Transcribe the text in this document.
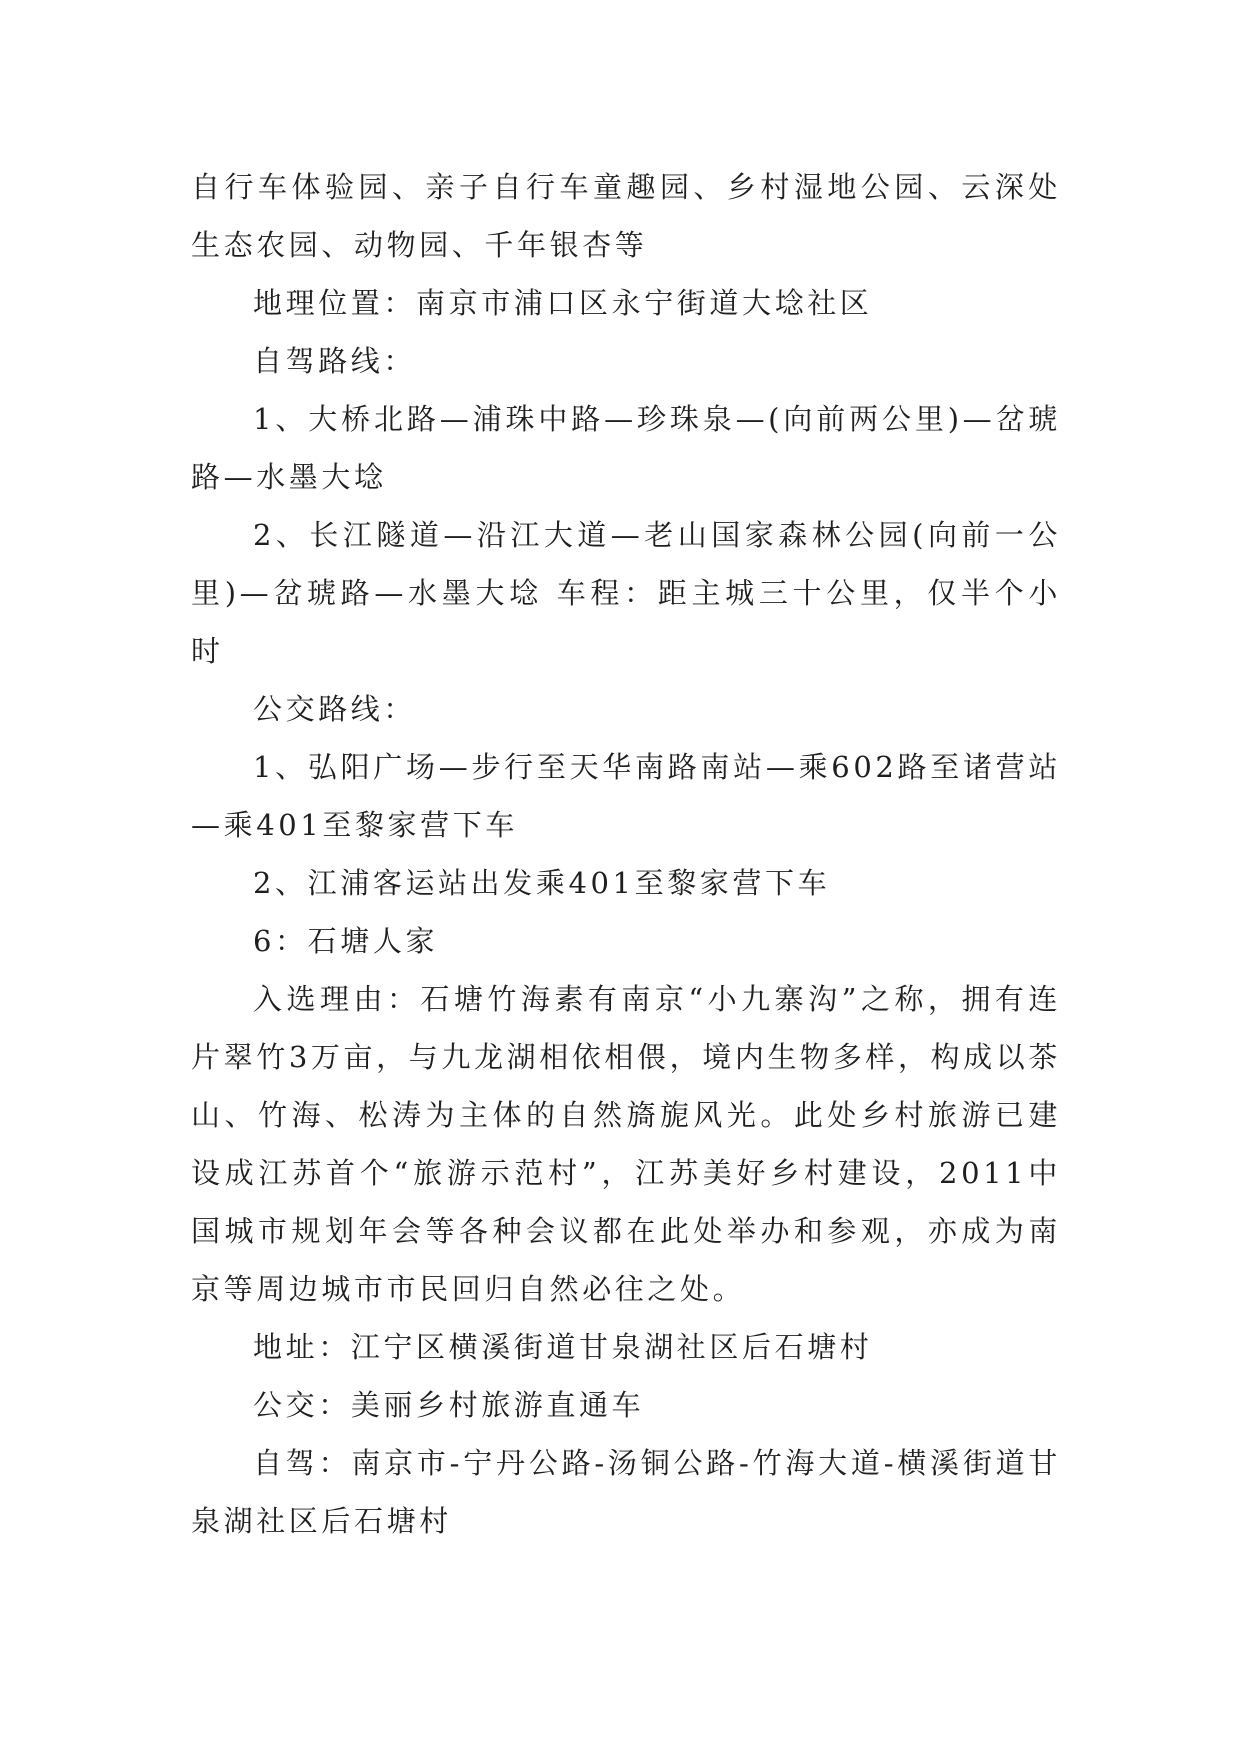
自行车体验园、亲子自行车童趣园、乡村湿地公园、云深处生态农园、动物园、千年银杏等

地理位置：南京市浦口区永宁街道大埝社区

自驾路线：

1、大桥北路—浦珠中路—珍珠泉—(向前两公里)—岔琥路—水墨大埝

2、长江隧道—沿江大道—老山国家森林公园(向前一公里)—岔琥路—水墨大埝 车程：距主城三十公里，仅半个小时

公交路线：

1、弘阳广场—步行至天华南路南站—乘602路至诸营站—乘401至黎家营下车

2、江浦客运站出发乘401至黎家营下车

6：石塘人家

入选理由：石塘竹海素有南京“小九寨沟”之称，拥有连片翠竹3万亩，与九龙湖相依相偎，境内生物多样，构成以茶山、竹海、松涛为主体的自然旖旎风光。此处乡村旅游已建设成江苏首个“旅游示范村”，江苏美好乡村建设，2011中国城市规划年会等各种会议都在此处举办和参观，亦成为南京等周边城市市民回归自然必往之处。

地址：江宁区横溪街道甘泉湖社区后石塘村

公交：美丽乡村旅游直通车

自驾：南京市-宁丹公路-汤铜公路-竹海大道-横溪街道甘泉湖社区后石塘村
